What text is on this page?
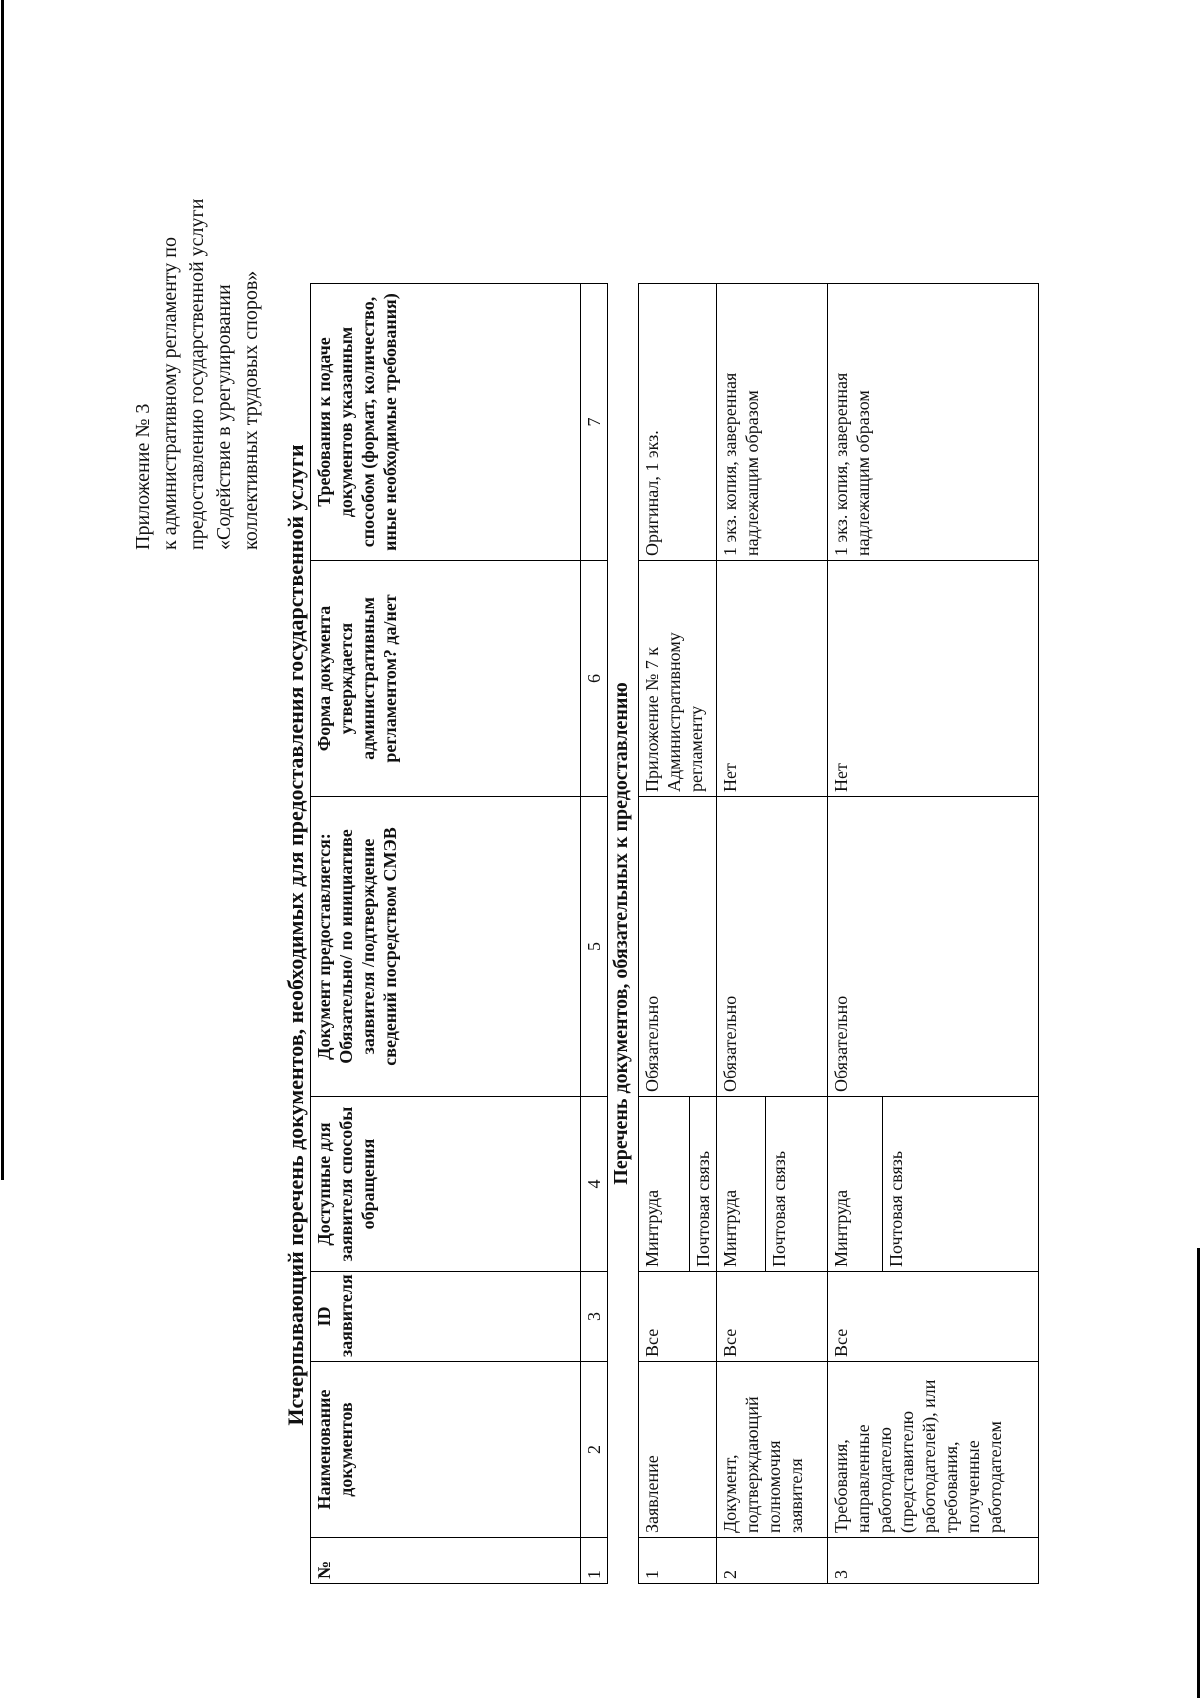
Приложение № 3 к административному регламенту по предоставлению государственной услуги «Содействие в урегулировании коллективных трудовых споров»
Исчерпывающий перечень документов, необходимых для предоставления государственной услуги
№	Наименование документов	ID заявителя	Доступные для заявителя способы обращения	Документ предоставляется: Обязательно/ по инициативе заявителя /подтверждение сведений посредством СМЭВ	Форма документа утверждается административным регламентом? да/нет	Требования к подаче документов указанным способом (формат, количество, иные необходимые требования)
1	2	3	4	5	6	7
Перечень документов, обязательных к предоставлению						
1	Заявление	Все	Минтруда Почтовая связь	Обязательно	Приложение № 7 к Административному регламенту	Оригинал, 1 экз.
2	Документ, подтверждающий полномочия заявителя	Все	Минтруда Почтовая связь	Обязательно	Нет	1 экз. копия, заверенная надлежащим образом
3	Требования, направленные работодателю (представителю работодателей), или требования, полученные работодателем	Все	Минтруда Почтовая связь	Обязательно	Нет	1 экз. копия, заверенная надлежащим образом
